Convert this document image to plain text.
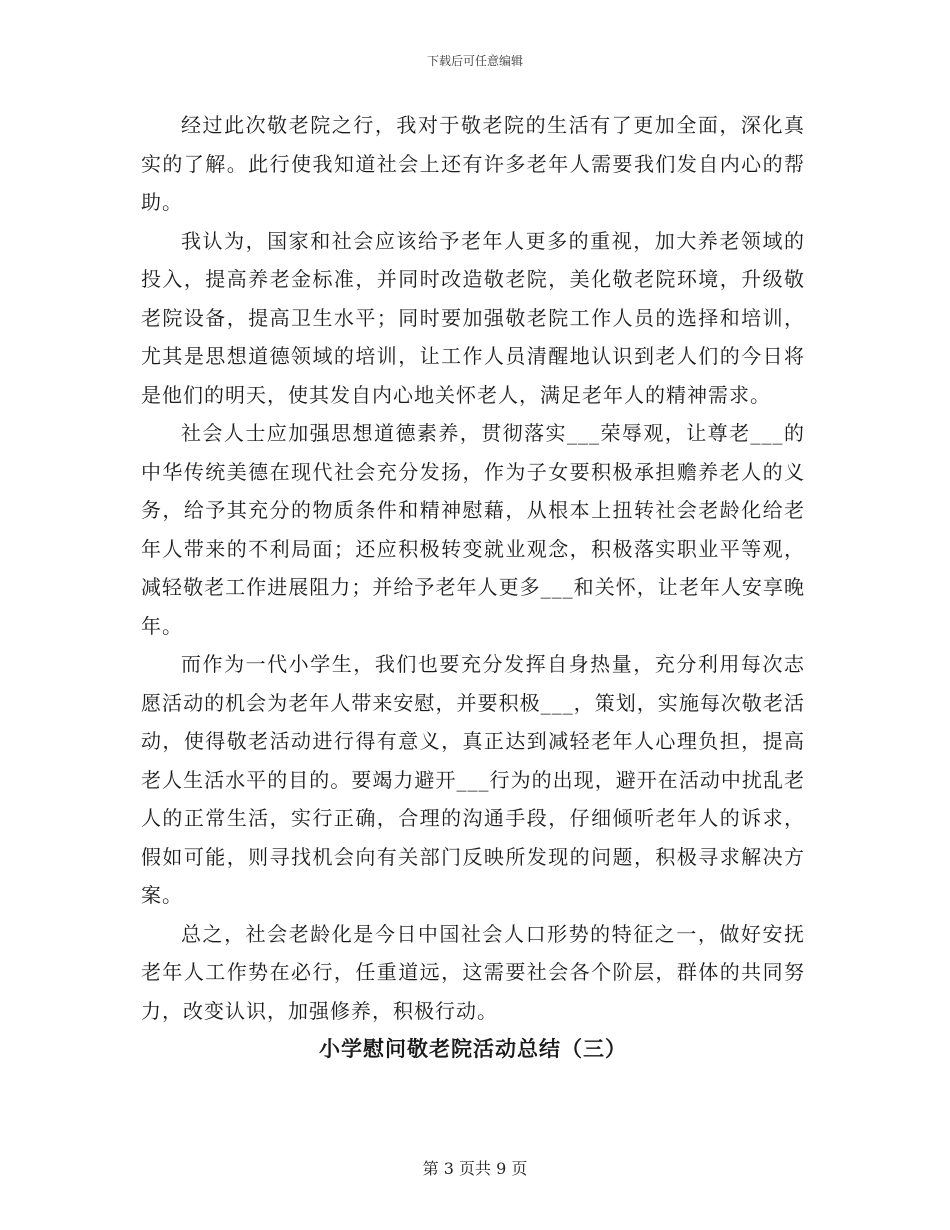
下载后可任意编辑

经过此次敬老院之行，我对于敬老院的生活有了更加全面，深化真实的了解。此行使我知道社会上还有许多老年人需要我们发自内心的帮助。

我认为，国家和社会应该给予老年人更多的重视，加大养老领域的投入，提高养老金标准，并同时改造敬老院，美化敬老院环境，升级敬老院设备，提高卫生水平；同时要加强敬老院工作人员的选择和培训，尤其是思想道德领域的培训，让工作人员清醒地认识到老人们的今日将是他们的明天，使其发自内心地关怀老人，满足老年人的精神需求。

社会人士应加强思想道德素养，贯彻落实___荣辱观，让尊老___的中华传统美德在现代社会充分发扬，作为子女要积极承担赡养老人的义务，给予其充分的物质条件和精神慰藉，从根本上扭转社会老龄化给老年人带来的不利局面；还应积极转变就业观念，积极落实职业平等观，减轻敬老工作进展阻力；并给予老年人更多___和关怀，让老年人安享晚年。

而作为一代小学生，我们也要充分发挥自身热量，充分利用每次志愿活动的机会为老年人带来安慰，并要积极___，策划，实施每次敬老活动，使得敬老活动进行得有意义，真正达到减轻老年人心理负担，提高老人生活水平的目的。要竭力避开___行为的出现，避开在活动中扰乱老人的正常生活，实行正确，合理的沟通手段，仔细倾听老年人的诉求，假如可能，则寻找机会向有关部门反映所发现的问题，积极寻求解决方案。

总之，社会老龄化是今日中国社会人口形势的特征之一，做好安抚老年人工作势在必行，任重道远，这需要社会各个阶层，群体的共同努力，改变认识，加强修养，积极行动。

小学慰问敬老院活动总结（三）

第 3 页共 9 页
